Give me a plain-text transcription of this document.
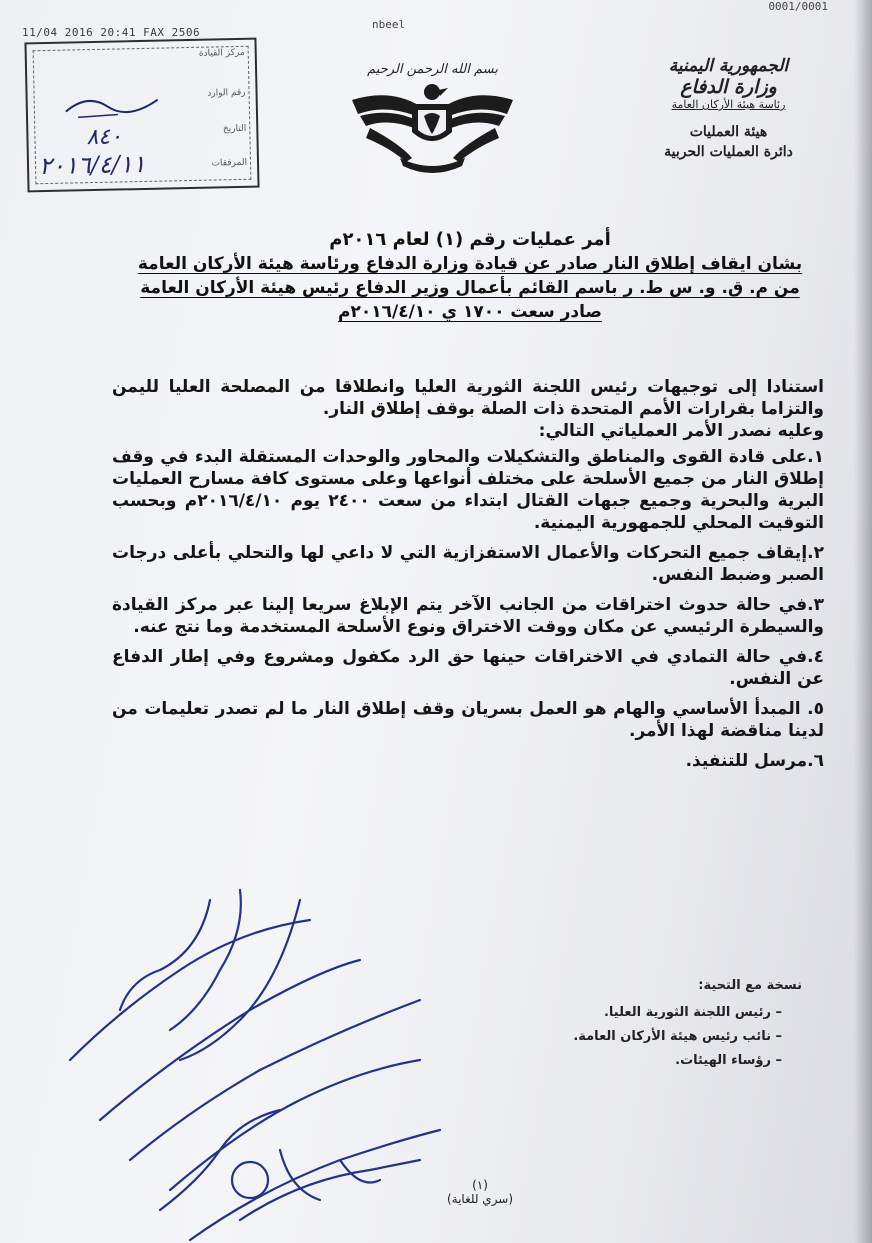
11/04 2016 20:41 FAX 2506
nbeel
0001/0001
مركز القيادة
رقم الوارد
التاريخ
المرفقات
٨٤٠
٢٠١٦/٤/١١
بسم الله الرحمن الرحيم	الجمهورية اليمنية
وزارة الدفاع
رئاسة هيئة الأركان العامة
هيئة العمليات
دائرة العمليات الحربية
أمر عمليات رقم (١) لعام ٢٠١٦م
بشان ايقاف إطلاق النار صادر عن قيادة وزارة الدفاع ورئاسة هيئة الأركان العامة
من م. ق. و. س ط. ر باسم القائم بأعمال وزير الدفاع رئيس هيئة الأركان العامة
صادر سعت ١٧٠٠ ي ٢٠١٦/٤/١٠م

استنادا إلى توجيهات رئيس اللجنة الثورية العليا وانطلاقا من المصلحة العليا لليمن والتزاما بقرارات الأمم المتحدة ذات الصلة بوقف إطلاق النار.

وعليه نصدر الأمر العملياتي التالي:

١.على قادة القوى والمناطق والتشكيلات والمحاور والوحدات المستقلة البدء في وقف إطلاق النار من جميع الأسلحة على مختلف أنواعها وعلى مستوى كافة مسارح العمليات البرية والبحرية وجميع جبهات القتال ابتداء من سعت ٢٤٠٠ يوم ٢٠١٦/٤/١٠م وبحسب التوقيت المحلي للجمهورية اليمنية.
٢.إيقاف جميع التحركات والأعمال الاستفزازية التي لا داعي لها والتحلي بأعلى درجات الصبر وضبط النفس.
٣.في حالة حدوث اختراقات من الجانب الآخر يتم الإبلاغ سريعا إلينا عبر مركز القيادة والسيطرة الرئيسي عن مكان ووقت الاختراق ونوع الأسلحة المستخدمة وما نتج عنه.
٤.في حالة التمادي في الاختراقات حينها حق الرد مكفول ومشروع وفي إطار الدفاع عن النفس.
٥. المبدأ الأساسي والهام هو العمل بسريان وقف إطلاق النار ما لم تصدر تعليمات من لدينا مناقضة لهذا الأمر.
٦.مرسل للتنفيذ.
نسخة مع التحية:
– رئيس اللجنة الثورية العليا.
– نائب رئيس هيئة الأركان العامة.
– رؤساء الهيئات.
(١)
(سري للغاية)
